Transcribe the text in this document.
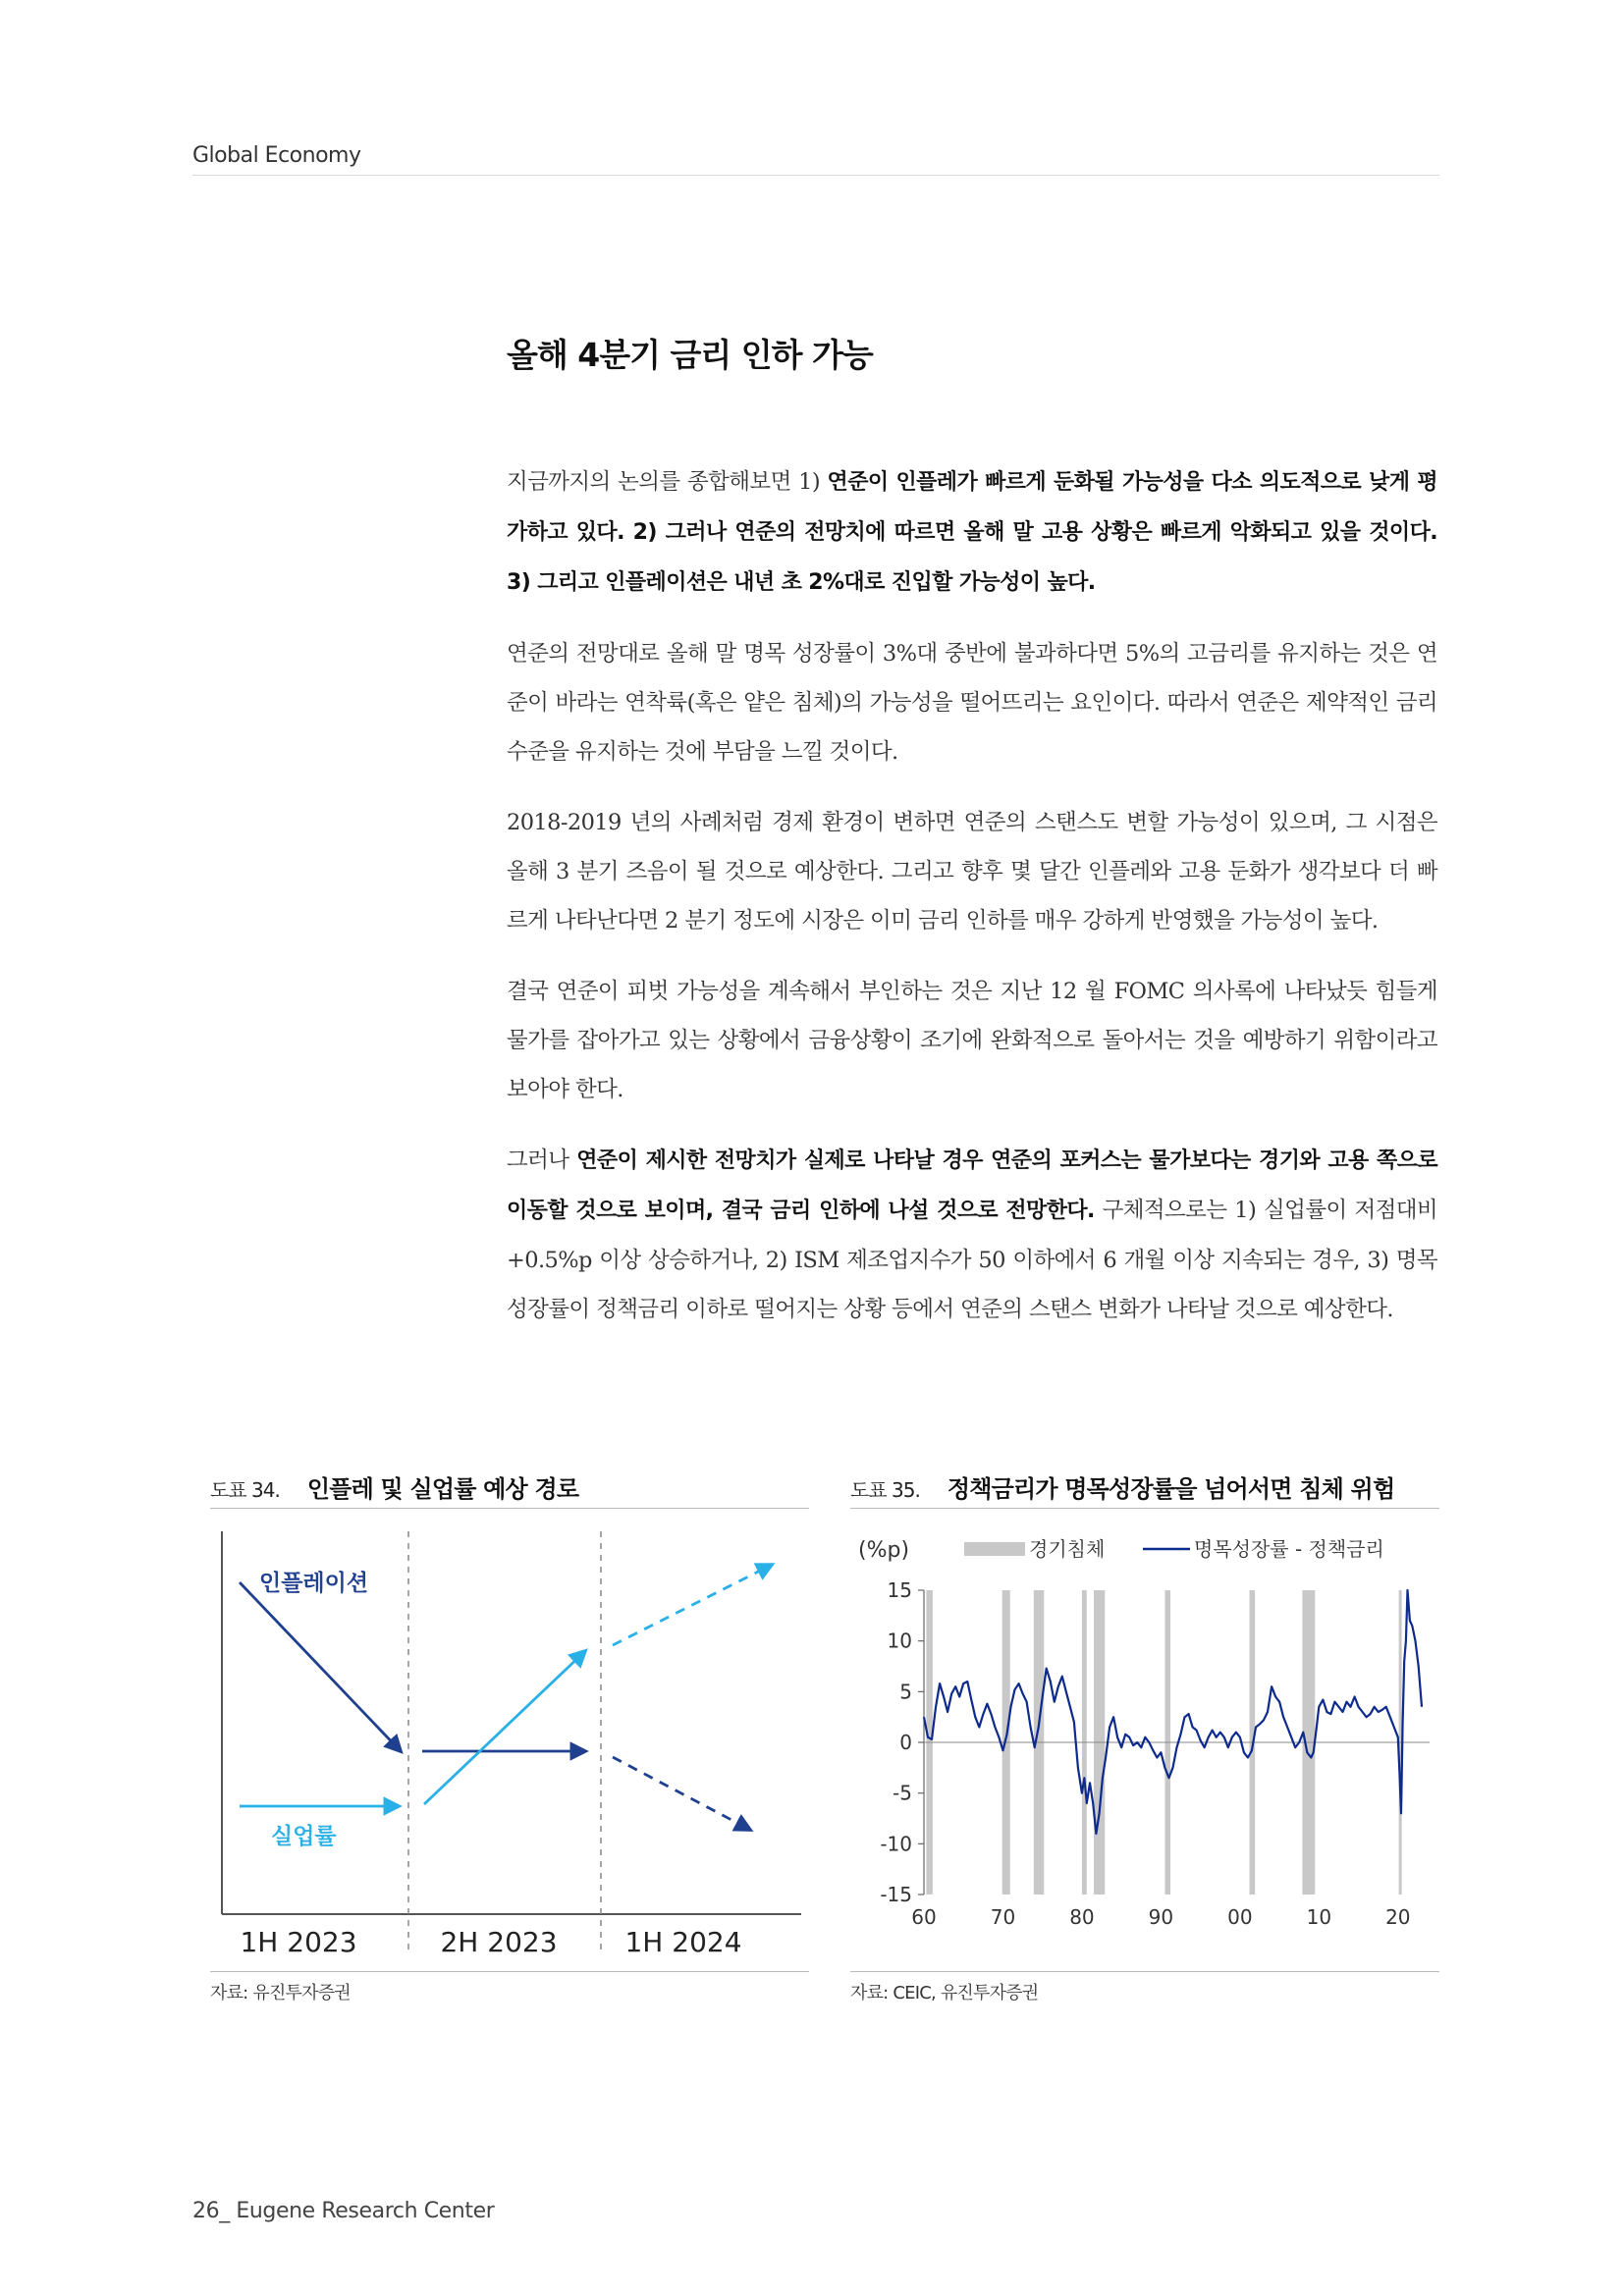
Global Economy
올해 4분기 금리 인하 가능

지금까지의 논의를 종합해보면 1) 연준이 인플레가 빠르게 둔화될 가능성을 다소 의도적으로 낮게 평가하고 있다. 2) 그러나 연준의 전망치에 따르면 올해 말 고용 상황은 빠르게 악화되고 있을 것이다. 3) 그리고 인플레이션은 내년 초 2%대로 진입할 가능성이 높다.

연준의 전망대로 올해 말 명목 성장률이 3%대 중반에 불과하다면 5%의 고금리를 유지하는 것은 연준이 바라는 연착륙(혹은 얕은 침체)의 가능성을 떨어뜨리는 요인이다. 따라서 연준은 제약적인 금리 수준을 유지하는 것에 부담을 느낄 것이다.

2018-2019 년의 사례처럼 경제 환경이 변하면 연준의 스탠스도 변할 가능성이 있으며, 그 시점은 올해 3 분기 즈음이 될 것으로 예상한다. 그리고 향후 몇 달간 인플레와 고용 둔화가 생각보다 더 빠르게 나타난다면 2 분기 정도에 시장은 이미 금리 인하를 매우 강하게 반영했을 가능성이 높다.

결국 연준이 피벗 가능성을 계속해서 부인하는 것은 지난 12 월 FOMC 의사록에 나타났듯 힘들게 물가를 잡아가고 있는 상황에서 금융상황이 조기에 완화적으로 돌아서는 것을 예방하기 위함이라고 보아야 한다.

그러나 연준이 제시한 전망치가 실제로 나타날 경우 연준의 포커스는 물가보다는 경기와 고용 쪽으로 이동할 것으로 보이며, 결국 금리 인하에 나설 것으로 전망한다. 구체적으로는 1) 실업률이 저점대비 +0.5%p 이상 상승하거나, 2) ISM 제조업지수가 50 이하에서 6 개월 이상 지속되는 경우, 3) 명목 성장률이 정책금리 이하로 떨어지는 상황 등에서 연준의 스탠스 변화가 나타날 것으로 예상한다.

도표 34. 인플레 및 실업률 예상 경로
인플레이션
실업률
1H 2023	2H 2023 1H 2024
자료: 유진투자증권
도표 35. 정책금리가 명목성장률을 넘어서면 침체 위험
15
10
5
0
-5
-10
-15
60	70	80	90	00	10	20
(%p)	경기침체	명목성장률 - 정책금리
자료: CEIC, 유진투자증권
26_ Eugene Research Center
